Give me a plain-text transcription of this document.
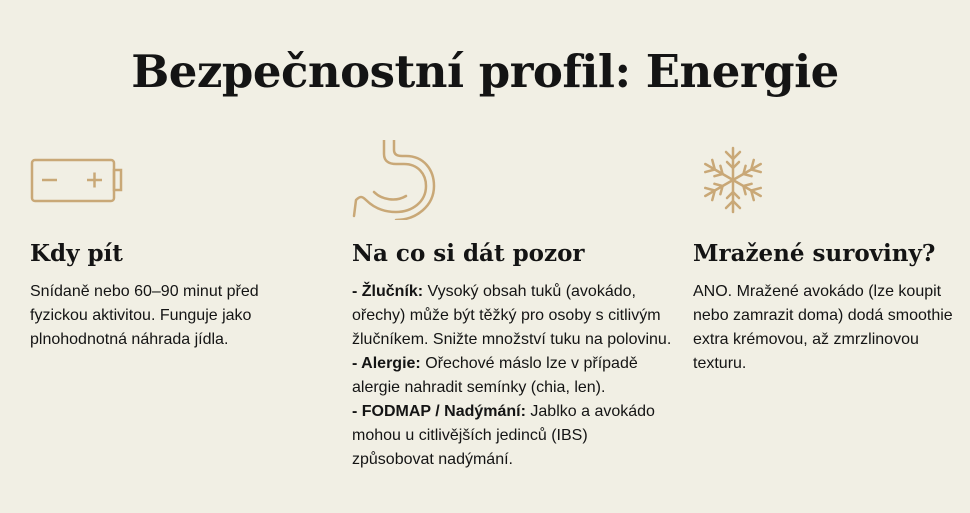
Bezpečnostní profil: Energie
Kdy pít

Snídaně nebo 60–90 minut před fyzickou aktivitou. Funguje jako plnohodnotná náhrada jídla.

Na co si dát pozor

- Žlučník: Vysoký obsah tuků (avokádo, ořechy) může být těžký pro osoby s citlivým žlučníkem. Snižte množství tuku na polovinu.

- Alergie: Ořechové máslo lze v případě alergie nahradit semínky (chia, len).

- FODMAP / Nadýmání: Jablko a avokádo mohou u citlivějších jedinců (IBS) způsobovat nadýmání.

Mražené suroviny?

ANO. Mražené avokádo (lze koupit nebo zamrazit doma) dodá smoothie extra krémovou, až zmrzlinovou texturu.
